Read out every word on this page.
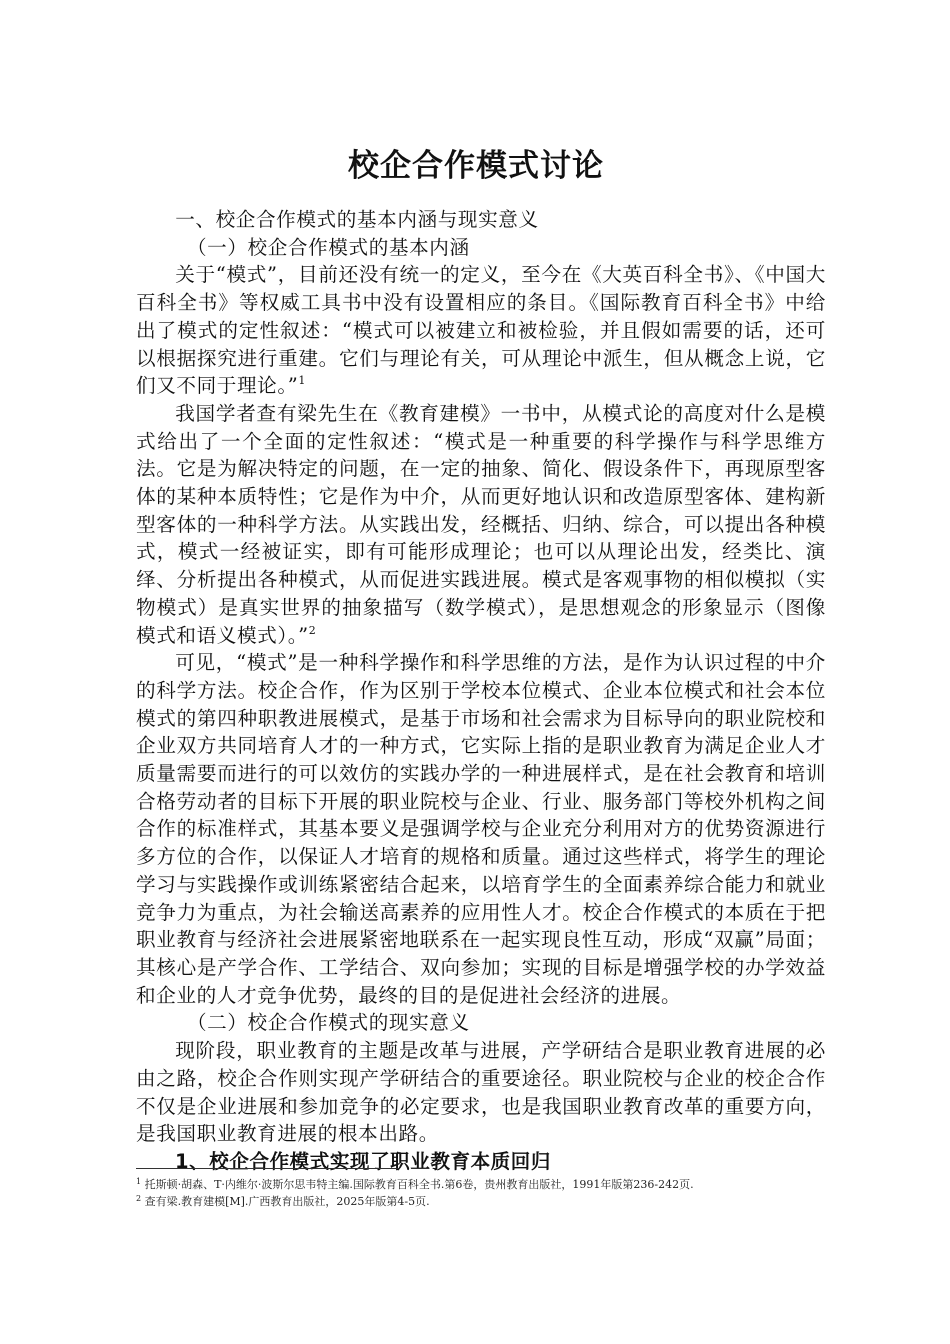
校企合作模式讨论

一、校企合作模式的基本内涵与现实意义

（一）校企合作模式的基本内涵

关于“模式”，目前还没有统一的定义，至今在《大英百科全书》、《中国大百科全书》等权威工具书中没有设置相应的条目。《国际教育百科全书》中给出了模式的定性叙述：“模式可以被建立和被检验，并且假如需要的话，还可以根据探究进行重建。它们与理论有关，可从理论中派生，但从概念上说，它们又不同于理论。”$^1$

我国学者查有梁先生在《教育建模》一书中，从模式论的高度对什么是模式给出了一个全面的定性叙述：“模式是一种重要的科学操作与科学思维方法。它是为解决特定的问题，在一定的抽象、简化、假设条件下，再现原型客体的某种本质特性；它是作为中介，从而更好地认识和改造原型客体、建构新型客体的一种科学方法。从实践出发，经概括、归纳、综合，可以提出各种模式，模式一经被证实，即有可能形成理论；也可以从理论出发，经类比、演绎、分析提出各种模式，从而促进实践进展。模式是客观事物的相似模拟（实物模式）是真实世界的抽象描写（数学模式），是思想观念的形象显示（图像模式和语义模式）。”$^2$

可见，“模式”是一种科学操作和科学思维的方法，是作为认识过程的中介的科学方法。校企合作，作为区别于学校本位模式、企业本位模式和社会本位模式的第四种职教进展模式，是基于市场和社会需求为目标导向的职业院校和企业双方共同培育人才的一种方式，它实际上指的是职业教育为满足企业人才质量需要而进行的可以效仿的实践办学的一种进展样式，是在社会教育和培训合格劳动者的目标下开展的职业院校与企业、行业、服务部门等校外机构之间合作的标准样式，其基本要义是强调学校与企业充分利用对方的优势资源进行多方位的合作，以保证人才培育的规格和质量。通过这些样式，将学生的理论学习与实践操作或训练紧密结合起来，以培育学生的全面素养综合能力和就业竞争力为重点，为社会输送高素养的应用性人才。校企合作模式的本质在于把职业教育与经济社会进展紧密地联系在一起实现良性互动，形成“双赢”局面；其核心是产学合作、工学结合、双向参加；实现的目标是增强学校的办学效益和企业的人才竞争优势，最终的目的是促进社会经济的进展。

（二）校企合作模式的现实意义

现阶段，职业教育的主题是改革与进展，产学研结合是职业教育进展的必由之路，校企合作则实现产学研结合的重要途径。职业院校与企业的校企合作不仅是企业进展和参加竞争的必定要求，也是我国职业教育改革的重要方向，是我国职业教育进展的根本出路。

1、校企合作模式实现了职业教育本质回归

$^1$ 托斯顿·胡森、T·内维尔·波斯尔思韦特主编.国际教育百科全书.第6卷，贵州教育出版社，1991年版第236-242页.
$^2$ 查有梁.教育建模[M].广西教育出版社，2025年版第4-5页.
